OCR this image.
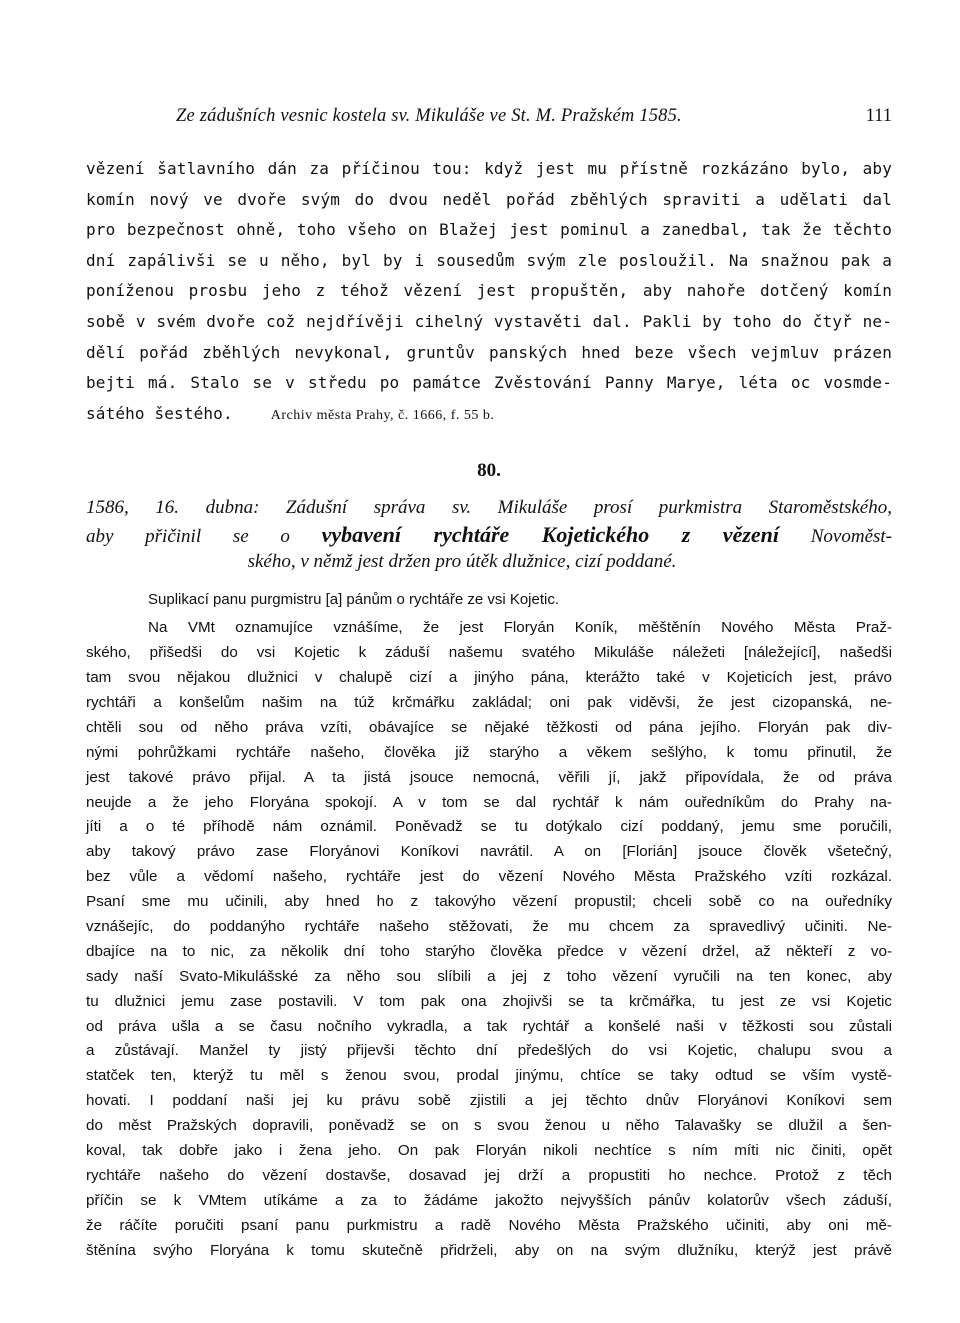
Ze zádušních vesnic kostela sv. Mikuláše ve St. M. Pražském 1585.	111
vězení šatlavního dán za příčinou tou: když jest mu přístně rozkázáno bylo, aby
komín nový ve dvoře svým do dvou neděl pořád zběhlých spraviti a udělati dal
pro bezpečnost ohně, toho všeho on Blažej jest pominul a zanedbal, tak že těchto
dní zapálivši se u něho, byl by i sousedům svým zle posloužil. Na snažnou pak a
poníženou prosbu jeho z téhož vězení jest propuštěn, aby nahoře dotčený komín
sobě v svém dvoře což nejdřívěji cihelný vystavěti dal. Pakli by toho do čtyř ne-
dělí pořád zběhlých nevykonal, gruntův panských hned beze všech vejmluv prázen
bejti má. Stalo se v středu po památce Zvěstování Panny Marye, léta oc vosmde-
sátého šestého.	Archiv města Prahy, č. 1666, f. 55 b.
80.
1586, 16. dubna: Zádušní správa sv. Mikuláše prosí purkmistra Staroměstského,
aby přičinil se o vybavení rychtáře Kojetického z vězení Novoměst-
ského, v němž jest držen pro útěk dlužnice, cizí poddané.
Suplikací panu purgmistru [a] pánům o rychtáře ze vsi Kojetic.
Na VMt oznamujíce vznášíme, že jest Floryán Koník, měštěnín Nového Města Praž-
ského, přišedši do vsi Kojetic k záduší našemu svatého Mikuláše náležeti [náležející], našedši
tam svou nějakou dlužnici v chalupě cizí a jinýho pána, kterážto také v Kojeticích jest, právo
rychtáři a konšelům našim na túž krčmářku zakládal; oni pak viděvši, že jest cizopanská, ne-
chtěli sou od něho práva vzíti, obávajíce se nějaké těžkosti od pána jejího. Floryán pak div-
nými pohrůžkami rychtáře našeho, člověka již starýho a věkem sešlýho, k tomu přinutil, že
jest takové právo přijal. A ta jistá jsouce nemocná, věřili jí, jakž připovídala, že od práva
neujde a že jeho Floryána spokojí. A v tom se dal rychtář k nám ouředníkům do Prahy na-
jíti a o té příhodě nám oznámil. Poněvadž se tu dotýkalo cizí poddaný, jemu sme poručili,
aby takový právo zase Floryánovi Koníkovi navrátil. A on [Florián] jsouce člověk všetečný,
bez vůle a vědomí našeho, rychtáře jest do vězení Nového Města Pražského vzíti rozkázal.
Psaní sme mu učinili, aby hned ho z takovýho vězení propustil; chceli sobě co na ouředníky
vznášejíc, do poddanýho rychtáře našeho stěžovati, že mu chcem za spravedlivý učiniti. Ne-
dbajíce na to nic, za několik dní toho starýho člověka předce v vězení držel, až někteří z vo-
sady naší Svato-Mikulášské za něho sou slíbili a jej z toho vězení vyručili na ten konec, aby
tu dlužnici jemu zase postavili. V tom pak ona zhojivši se ta krčmářka, tu jest ze vsi Kojetic
od práva ušla a se času nočního vykradla, a tak rychtář a konšelé naši v těžkosti sou zůstali
a zůstávají. Manžel ty jistý přijevši těchto dní předešlých do vsi Kojetic, chalupu svou a
statček ten, kterýž tu měl s ženou svou, prodal jinýmu, chtíce se taky odtud se vším vystě-
hovati. I poddaní naši jej ku právu sobě zjistili a jej těchto dnův Floryánovi Koníkovi sem
do měst Pražských dopravili, poněvadž se on s svou ženou u něho Talavašky se dlužil a šen-
koval, tak dobře jako i žena jeho. On pak Floryán nikoli nechtíce s ním míti nic činiti, opět
rychtáře našeho do vězení dostavše, dosavad jej drží a propustiti ho nechce. Protož z těch
příčin se k VMtem utíkáme a za to žádáme jakožto nejvyšších pánův kolatorův všech záduší,
že ráčíte poručiti psaní panu purkmistru a radě Nového Města Pražského učiniti, aby oni mě-
štěnína svýho Floryána k tomu skutečně přidrželi, aby on na svým dlužníku, kterýž jest právě
